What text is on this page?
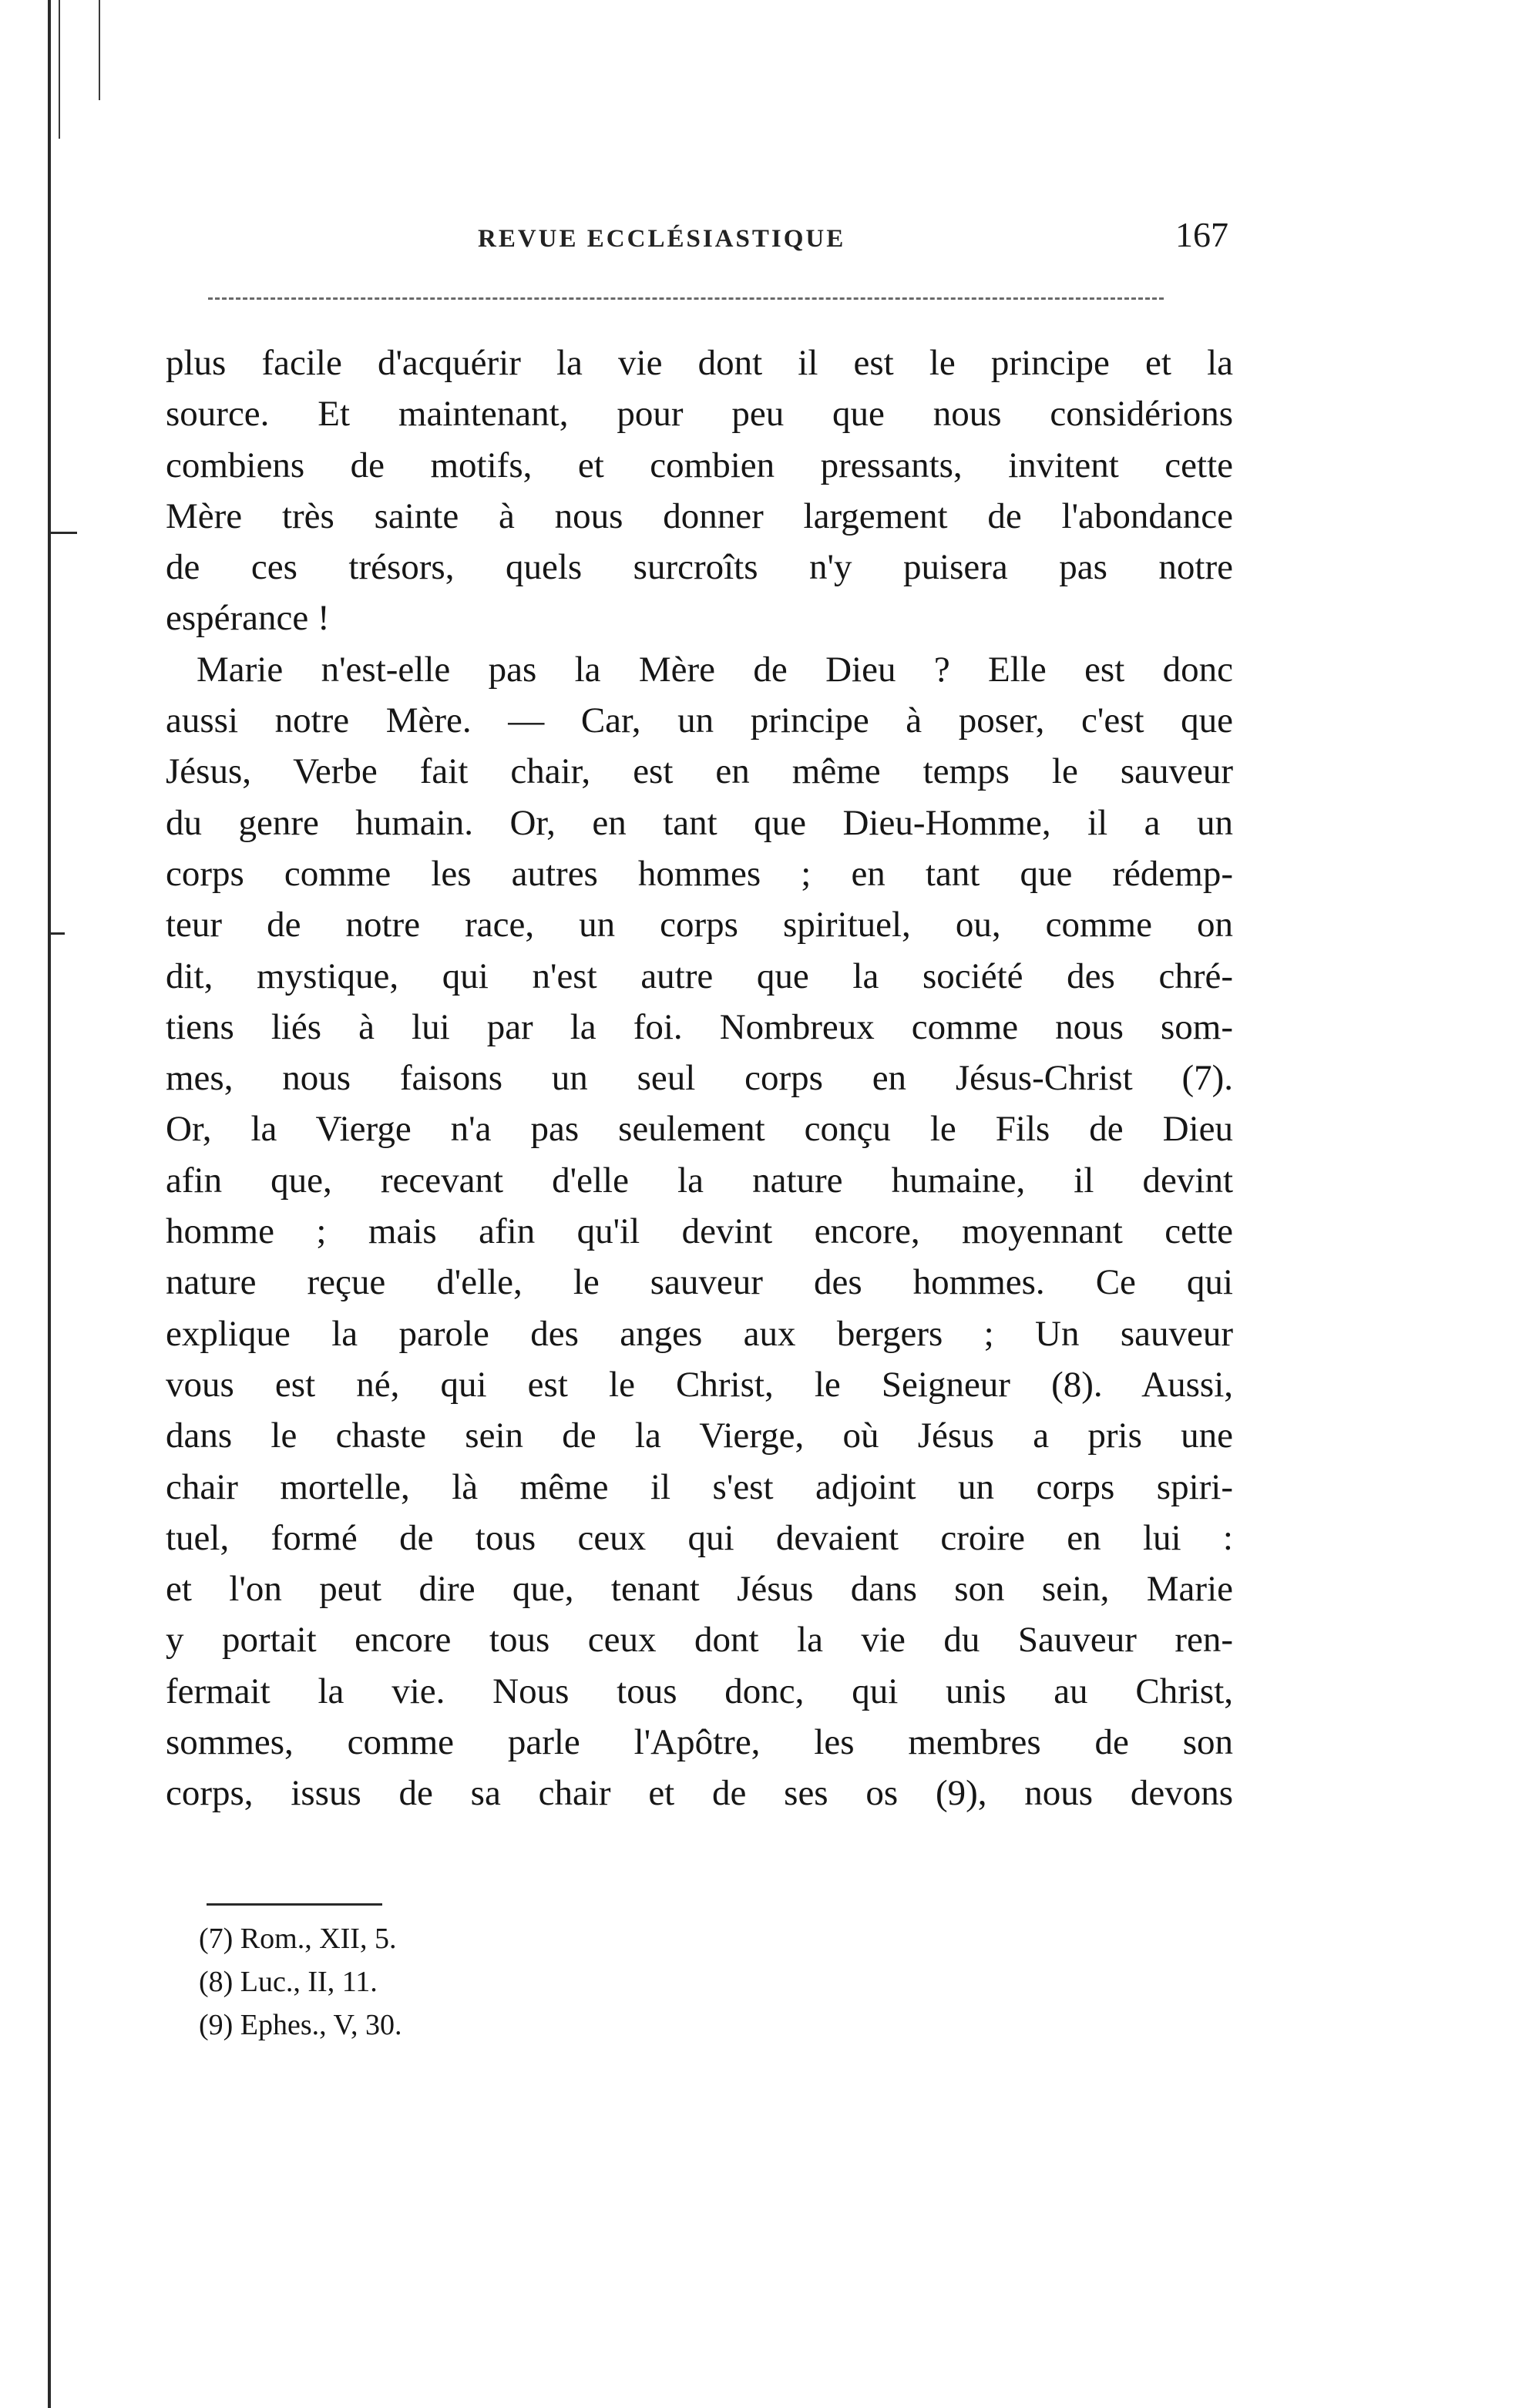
REVUE ECCLÉSIASTIQUE	167
plus facile d'acquérir la vie dont il est le principe et la
source. Et maintenant, pour peu que nous considérions
combiens de motifs, et combien pressants, invitent cette
Mère très sainte à nous donner largement de l'abondance
de ces trésors, quels surcroîts n'y puisera pas notre
espérance !
Marie n'est-elle pas la Mère de Dieu ? Elle est donc
aussi notre Mère. — Car, un principe à poser, c'est que
Jésus, Verbe fait chair, est en même temps le sauveur
du genre humain. Or, en tant que Dieu-Homme, il a un
corps comme les autres hommes ; en tant que rédemp-
teur de notre race, un corps spirituel, ou, comme on
dit, mystique, qui n'est autre que la société des chré-
tiens liés à lui par la foi. Nombreux comme nous som-
mes, nous faisons un seul corps en Jésus-Christ (7).
Or, la Vierge n'a pas seulement conçu le Fils de Dieu
afin que, recevant d'elle la nature humaine, il devint
homme ; mais afin qu'il devint encore, moyennant cette
nature reçue d'elle, le sauveur des hommes. Ce qui
explique la parole des anges aux bergers ; Un sauveur
vous est né, qui est le Christ, le Seigneur (8). Aussi,
dans le chaste sein de la Vierge, où Jésus a pris une
chair mortelle, là même il s'est adjoint un corps spiri-
tuel, formé de tous ceux qui devaient croire en lui :
et l'on peut dire que, tenant Jésus dans son sein, Marie
y portait encore tous ceux dont la vie du Sauveur ren-
fermait la vie. Nous tous donc, qui unis au Christ,
sommes, comme parle l'Apôtre, les membres de son
corps, issus de sa chair et de ses os (9), nous devons
(7) Rom., XII, 5.
(8) Luc., II, 11.
(9) Ephes., V, 30.
